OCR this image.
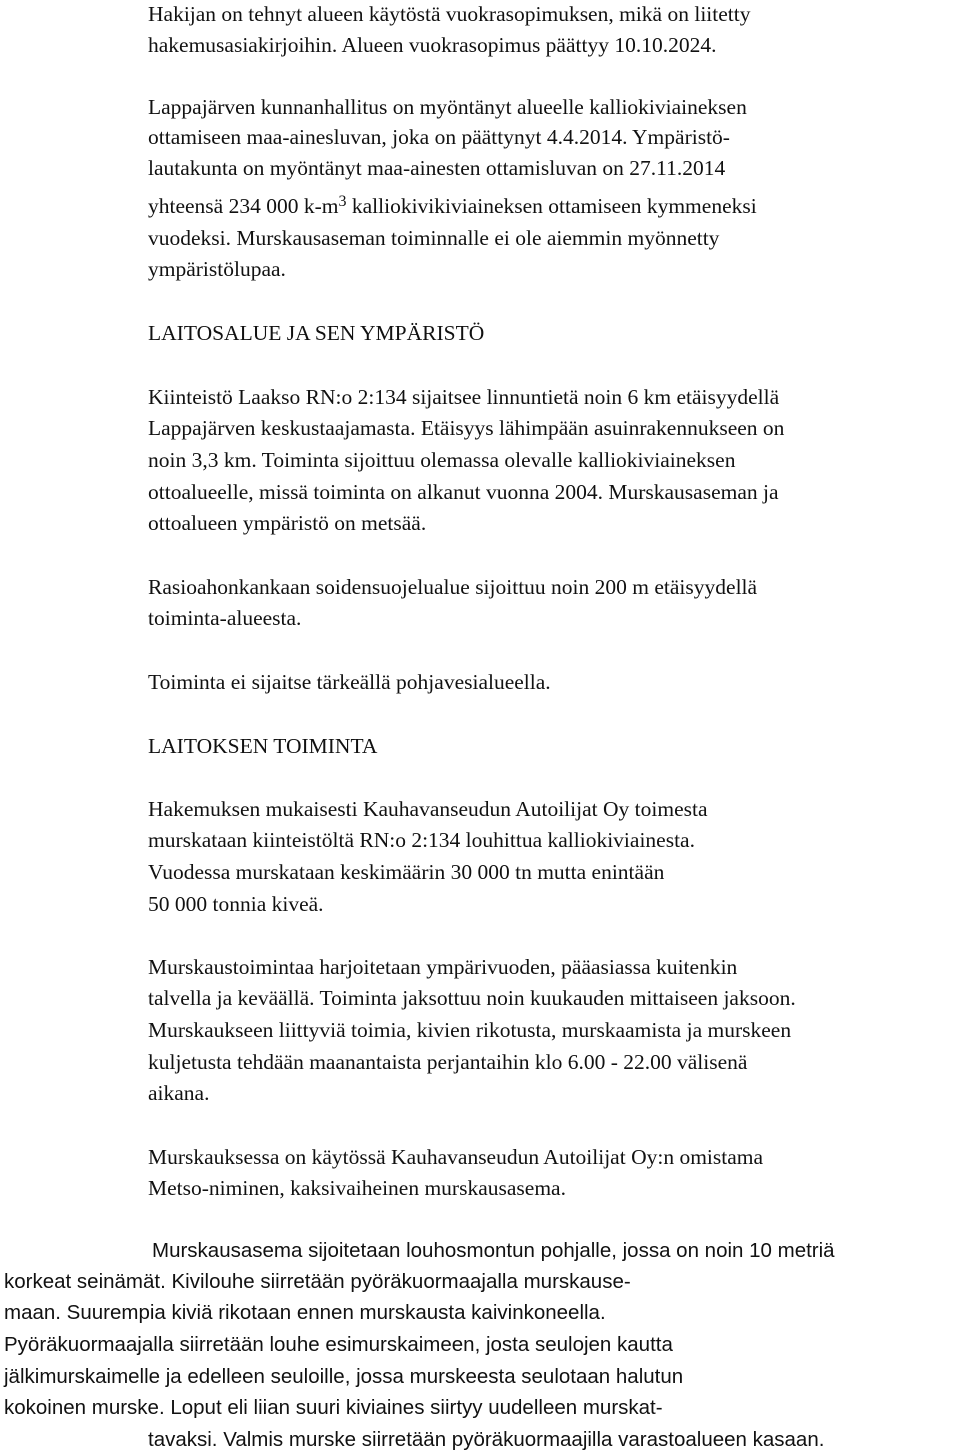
Hakijan on tehnyt alueen käytöstä vuokrasopimuksen, mikä on liitetty
hakemusasiakirjoihin. Alueen vuokrasopimus päättyy 10.10.2024.
Lappajärven kunnanhallitus on myöntänyt alueelle kalliokiviaineksen
ottamiseen maa-ainesluvan, joka on päättynyt 4.4.2014. Ympäristö-
lautakunta on myöntänyt maa-ainesten ottamisluvan on 27.11.2014
yhteensä 234 000 $k-m^3$ kalliokivikiviaineksen ottamiseen kymmeneksi
vuodeksi. Murskausaseman toiminnalle ei ole aiemmin myönnetty
ympäristölupaa.
LAITOSALUE JA SEN YMPÄRISTÖ
Kiinteistö Laakso RN:o 2:134 sijaitsee linnuntietä noin 6 km etäisyydellä
Lappajärven keskustaajamasta. Etäisyys lähimpään asuinrakennukseen on
noin 3,3 km. Toiminta sijoittuu olemassa olevalle kalliokiviaineksen
ottoalueelle, missä toiminta on alkanut vuonna 2004. Murskausaseman ja
ottoalueen ympäristö on metsää.
Rasioahonkankaan soidensuojelualue sijoittuu noin 200 m etäisyydellä
toiminta-alueesta.
Toiminta ei sijaitse tärkeällä pohjavesialueella.
LAITOKSEN TOIMINTA
Hakemuksen mukaisesti Kauhavanseudun Autoilijat Oy toimesta
murskataan kiinteistöltä RN:o 2:134 louhittua kalliokiviainesta.
Vuodessa murskataan keskimäärin 30 000 tn mutta enintään
50 000 tonnia kiveä.
Murskaustoimintaa harjoitetaan ympärivuoden, pääasiassa kuitenkin
talvella ja keväällä. Toiminta jaksottuu noin kuukauden mittaiseen jaksoon.
Murskaukseen liittyviä toimia, kivien rikotusta, murskaamista ja murskeen
kuljetusta tehdään maanantaista perjantaihin klo 6.00 - 22.00 välisenä
aikana.
Murskauksessa on käytössä Kauhavanseudun Autoilijat Oy:n omistama
Metso-niminen, kaksivaiheinen murskausasema.
Murskausasema sijoitetaan louhosmontun pohjalle, jossa on noin 10 metriä
korkeat seinämät. Kivilouhe siirretään pyöräkuormaajalla murskause-
maan. Suurempia kiviä rikotaan ennen murskausta kaivinkoneella.
Pyöräkuormaajalla siirretään louhe esimurskaimeen, josta seulojen kautta
jälkimurskaimelle ja edelleen seuloille, jossa murskeesta seulotaan halutun
kokoinen murske. Loput eli liian suuri kiviaines siirtyy uudelleen murskat-
tavaksi. Valmis murske siirretään pyöräkuormaajilla varastoalueen kasaan.
